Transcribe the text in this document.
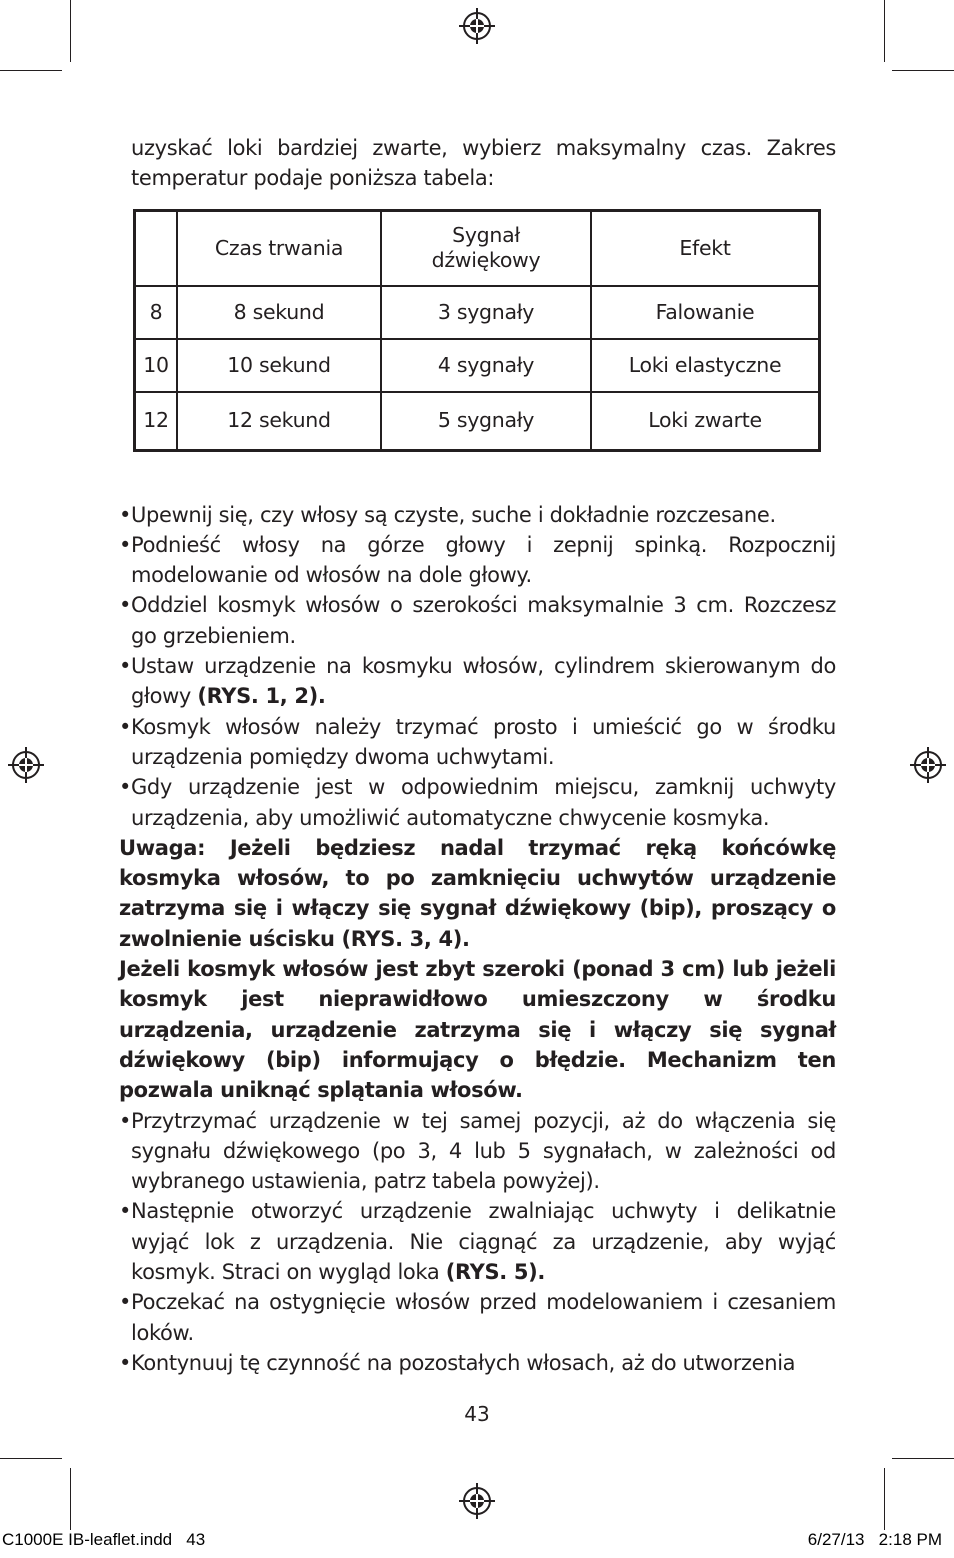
uzyskać loki bardziej zwarte, wybierz maksymalny czas. Zakres temperatur podaje poniższa tabela:

	Czas trwania	Sygnał dźwiękowy	Efekt
8	8 sekund	3 sygnały	Falowanie
10	10 sekund	4 sygnały	Loki elastyczne
12	12 sekund	5 sygnały	Loki zwarte
• Upewnij się, czy włosy są czyste, suche i dokładnie rozczesane.
• Podnieść włosy na górze głowy i zepnij spinką. Rozpocznij modelowanie od włosów na dole głowy.
• Oddziel kosmyk włosów o szerokości maksymalnie 3 cm. Rozczesz go grzebieniem.
• Ustaw urządzenie na kosmyku włosów, cylindrem skierowanym do głowy (RYS. 1, 2).
• Kosmyk włosów należy trzymać prosto i umieścić go w środku urządzenia pomiędzy dwoma uchwytami.
• Gdy urządzenie jest w odpowiednim miejscu, zamknij uchwyty urządzenia, aby umożliwić automatyczne chwycenie kosmyka.

Uwaga: Jeżeli będziesz nadal trzymać ręką końcówkę kosmyka włosów, to po zamknięciu uchwytów urządzenie zatrzyma się i włączy się sygnał dźwiękowy (bip), proszący o zwolnienie uścisku (RYS. 3, 4).

Jeżeli kosmyk włosów jest zbyt szeroki (ponad 3 cm) lub jeżeli kosmyk jest nieprawidłowo umieszczony w środku urządzenia, urządzenie zatrzyma się i włączy się sygnał dźwiękowy (bip) informujący o błędzie. Mechanizm ten pozwala uniknąć splątania włosów.

• Przytrzymać urządzenie w tej samej pozycji, aż do włączenia się sygnału dźwiękowego (po 3, 4 lub 5 sygnałach, w zależności od wybranego ustawienia, patrz tabela powyżej).
• Następnie otworzyć urządzenie zwalniając uchwyty i delikatnie wyjąć lok z urządzenia. Nie ciągnąć za urządzenie, aby wyjąć kosmyk. Straci on wygląd loka (RYS. 5).
• Poczekać na ostygnięcie włosów przed modelowaniem i czesaniem loków.
• Kontynuuj tę czynność na pozostałych włosach, aż do utworzenia
43
C1000E IB-leaflet.indd   43	6/27/13   2:18 PM
